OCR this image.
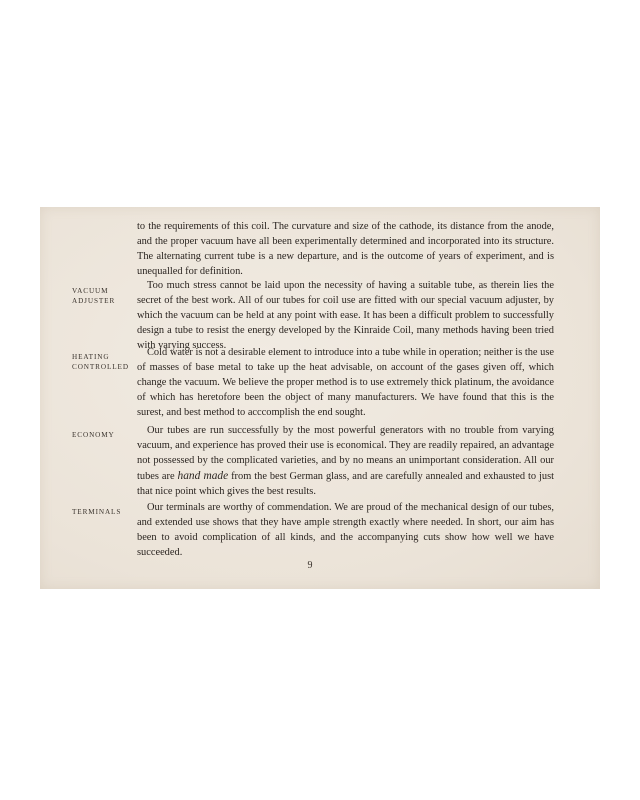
to the requirements of this coil. The curvature and size of the cathode, its distance from the anode, and the proper vacuum have all been experimentally determined and incorporated into its structure. The alternating current tube is a new departure, and is the outcome of years of experiment, and is unequalled for definition.

VACUUM
ADJUSTER

Too much stress cannot be laid upon the necessity of having a suitable tube, as therein lies the secret of the best work. All of our tubes for coil use are fitted with our special vacuum adjuster, by which the vacuum can be held at any point with ease. It has been a difficult problem to successfully design a tube to resist the energy developed by the Kinraide Coil, many methods having been tried with varying success.

HEATING
CONTROLLED

Cold water is not a desirable element to introduce into a tube while in operation; neither is the use of masses of base metal to take up the heat advisable, on account of the gases given off, which change the vacuum. We believe the proper method is to use extremely thick platinum, the avoidance of which has heretofore been the object of many manufacturers. We have found that this is the surest, and best method to acccomplish the end sought.

ECONOMY	Our tubes are run successfully by the most powerful generators with no trouble from varying vacuum, and experience has proved their use is economical. They are readily repaired, an advantage not possessed by the complicated varieties, and by no means an unimportant consideration. All our tubes are hand made from the best German glass, and are carefully annealed and exhausted to just that nice point which gives the best results.

TERMINALS	Our terminals are worthy of commendation. We are proud of the mechanical design of our tubes, and extended use shows that they have ample strength exactly where needed. In short, our aim has been to avoid complication of all kinds, and the accompanying cuts show how well we have succeeded.

9
